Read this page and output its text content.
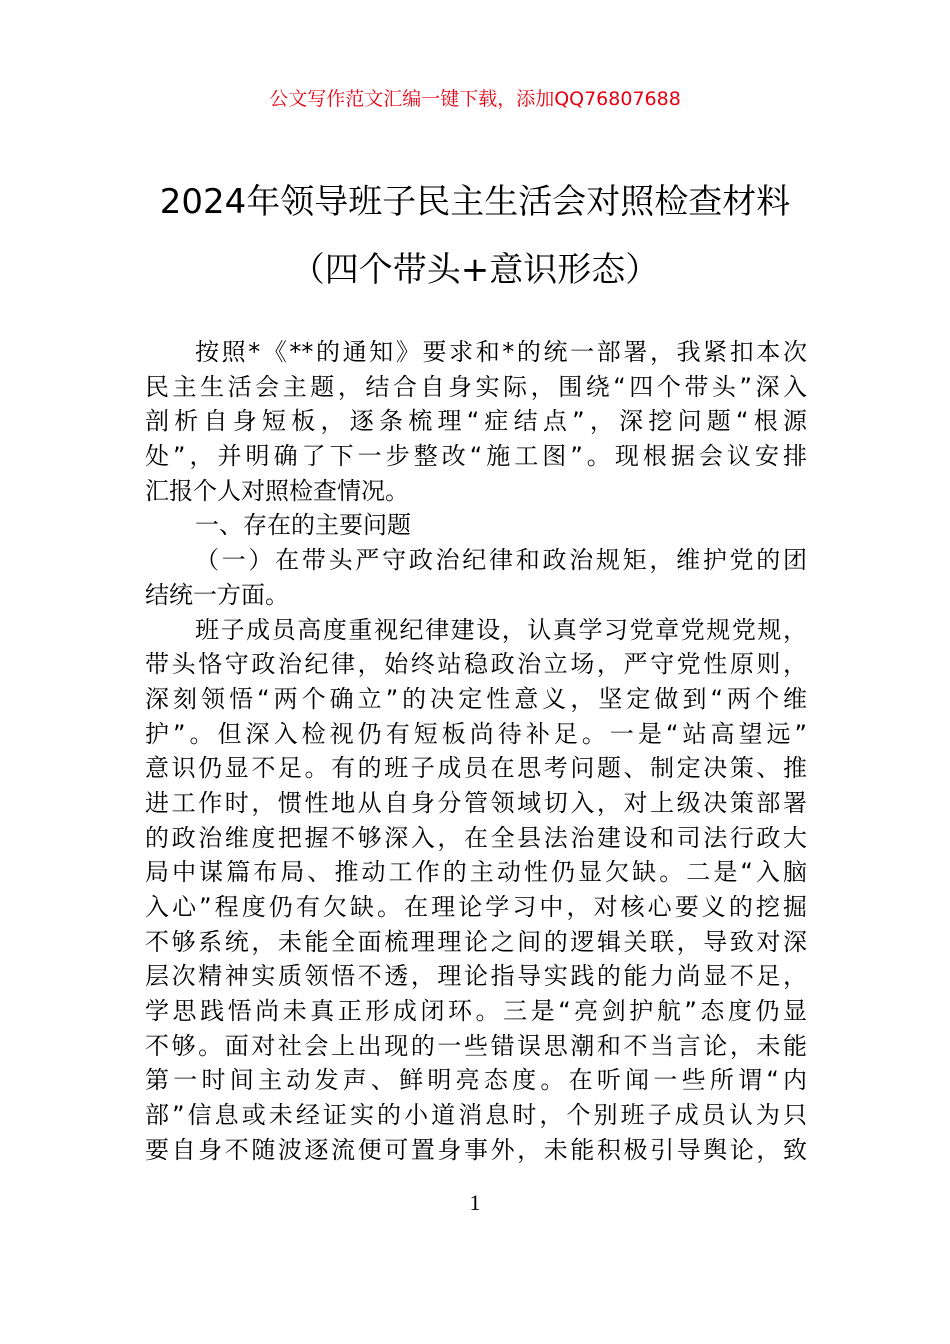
公文写作范文汇编一键下载，添加QQ76807688
2024年领导班子民主生活会对照检查材料
（四个带头+意识形态）
按照*《**的通知》要求和*的统一部署，我紧扣本次
民主生活会主题，结合自身实际，围绕“四个带头”深入
剖析自身短板，逐条梳理“症结点”，深挖问题“根源
处”，并明确了下一步整改“施工图”。现根据会议安排
汇报个人对照检查情况。
一、存在的主要问题
（一）在带头严守政治纪律和政治规矩，维护党的团
结统一方面。
班子成员高度重视纪律建设，认真学习党章党规党规，
带头恪守政治纪律，始终站稳政治立场，严守党性原则，
深刻领悟“两个确立”的决定性意义，坚定做到“两个维
护”。但深入检视仍有短板尚待补足。一是“站高望远”
意识仍显不足。有的班子成员在思考问题、制定决策、推
进工作时，惯性地从自身分管领域切入，对上级决策部署
的政治维度把握不够深入，在全县法治建设和司法行政大
局中谋篇布局、推动工作的主动性仍显欠缺。二是“入脑
入心”程度仍有欠缺。在理论学习中，对核心要义的挖掘
不够系统，未能全面梳理理论之间的逻辑关联，导致对深
层次精神实质领悟不透，理论指导实践的能力尚显不足，
学思践悟尚未真正形成闭环。三是“亮剑护航”态度仍显
不够。面对社会上出现的一些错误思潮和不当言论，未能
第一时间主动发声、鲜明亮态度。在听闻一些所谓“内
部”信息或未经证实的小道消息时，个别班子成员认为只
要自身不随波逐流便可置身事外，未能积极引导舆论，致
1
